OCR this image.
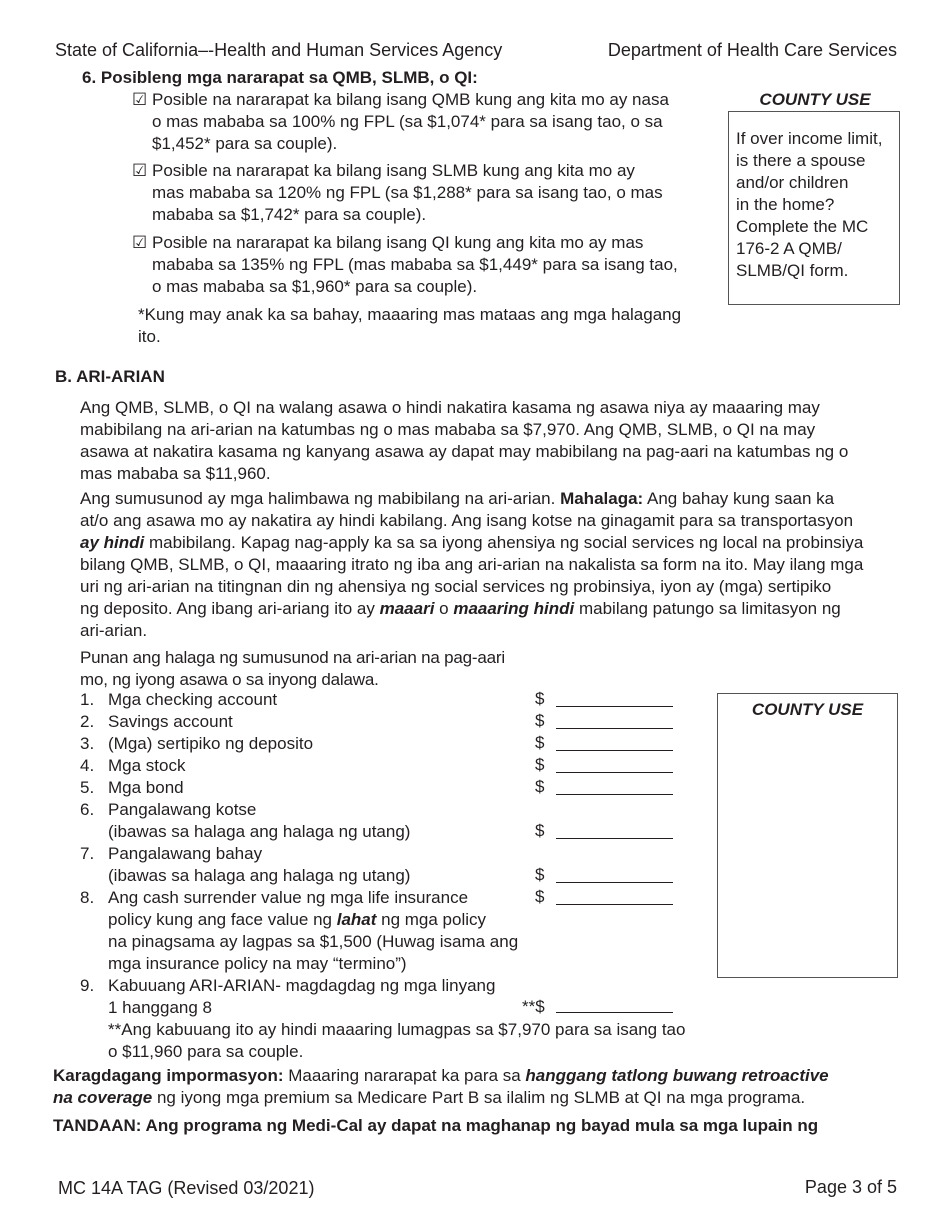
State of California–-Health and Human Services Agency	Department of Health Care Services
6. Posibleng mga nararapat sa QMB, SLMB, o QI:
☑ Posible na nararapat ka bilang isang QMB kung ang kita mo ay nasa
o mas mababa sa 100% ng FPL (sa $1,074* para sa isang tao, o sa
$1,452* para sa couple).
☑ Posible na nararapat ka bilang isang SLMB kung ang kita mo ay
mas mababa sa 120% ng FPL (sa $1,288* para sa isang tao, o mas
mababa sa $1,742* para sa couple).
☑ Posible na nararapat ka bilang isang QI kung ang kita mo ay mas
mababa sa 135% ng FPL (mas mababa sa $1,449* para sa isang tao,
o mas mababa sa $1,960* para sa couple).
*Kung may anak ka sa bahay, maaaring mas mataas ang mga halagang
ito.
COUNTY USE
If over income limit,
is there a spouse
and/or children
in the home?
Complete the MC
176-2 A QMB/
SLMB/QI form.
B. ARI-ARIAN
Ang QMB, SLMB, o QI na walang asawa o hindi nakatira kasama ng asawa niya ay maaaring may
mabibilang na ari-arian na katumbas ng o mas mababa sa $7,970. Ang QMB, SLMB, o QI na may
asawa at nakatira kasama ng kanyang asawa ay dapat may mabibilang na pag-aari na katumbas ng o
mas mababa sa $11,960.
Ang sumusunod ay mga halimbawa ng mabibilang na ari-arian. Mahalaga: Ang bahay kung saan ka
at/o ang asawa mo ay nakatira ay hindi kabilang. Ang isang kotse na ginagamit para sa transportasyon
ay hindi mabibilang. Kapag nag-apply ka sa sa iyong ahensiya ng social services ng local na probinsiya
bilang QMB, SLMB, o QI, maaaring itrato ng iba ang ari-arian na nakalista sa form na ito. May ilang mga
uri ng ari-arian na titingnan din ng ahensiya ng social services ng probinsiya, iyon ay (mga) sertipiko
ng deposito. Ang ibang ari-ariang ito ay maaari o maaaring hindi mabilang patungo sa limitasyon ng
ari-arian.
Punan ang halaga ng sumusunod na ari-arian na pag-aari
mo, ng iyong asawa o sa inyong dalawa.
1. Mga checking account	$
2. Savings account	$
3. (Mga) sertipiko ng deposito	$
4. Mga stock	$
5. Mga bond	$
6. Pangalawang kotse
(ibawas sa halaga ang halaga ng utang)	$
7. Pangalawang bahay
(ibawas sa halaga ang halaga ng utang)	$
8. Ang cash surrender value ng mga life insurance
policy kung ang face value ng lahat ng mga policy
na pinagsama ay lagpas sa $1,500 (Huwag isama ang
mga insurance policy na may “termino”)
$
9. Kabuuang ARI-ARIAN- magdagdag ng mga linyang
1 hanggang 8	**$
**Ang kabuuang ito ay hindi maaaring lumagpas sa $7,970 para sa isang tao
o $11,960 para sa couple.
COUNTY USE
Karagdagang impormasyon: Maaaring nararapat ka para sa hanggang tatlong buwang retroactive
na coverage ng iyong mga premium sa Medicare Part B sa ilalim ng SLMB at QI na mga programa.
TANDAAN: Ang programa ng Medi-Cal ay dapat na maghanap ng bayad mula sa mga lupain ng
MC 14A TAG (Revised 03/2021)	Page 3 of 5
